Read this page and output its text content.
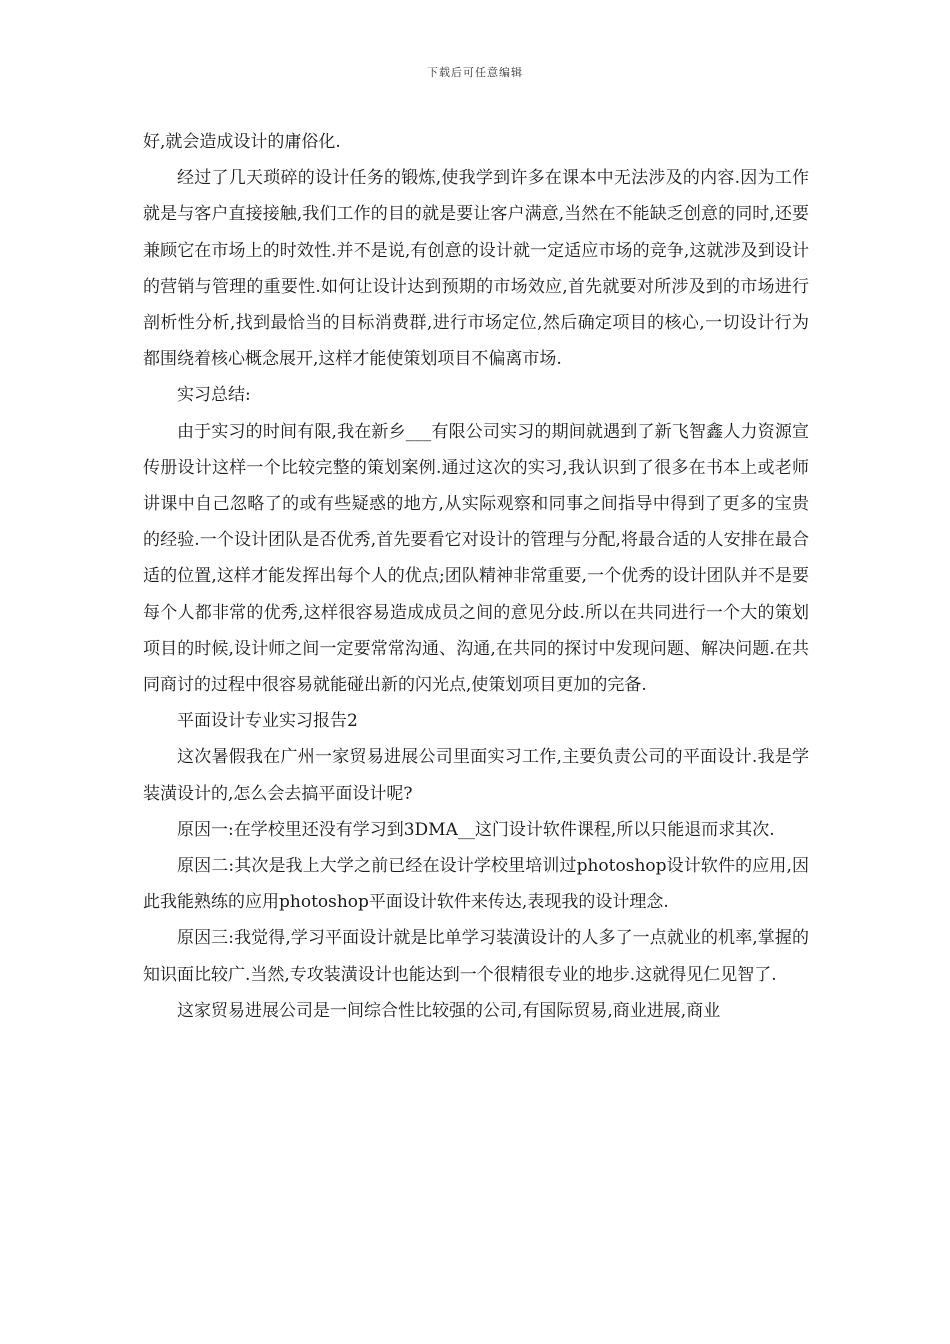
下载后可任意编辑

好,就会造成设计的庸俗化.

经过了几天琐碎的设计任务的锻炼,使我学到许多在课本中无法涉及的内容.因为工作就是与客户直接接触,我们工作的目的就是要让客户满意,当然在不能缺乏创意的同时,还要兼顾它在市场上的时效性.并不是说,有创意的设计就一定适应市场的竞争,这就涉及到设计的营销与管理的重要性.如何让设计达到预期的市场效应,首先就要对所涉及到的市场进行剖析性分析,找到最恰当的目标消费群,进行市场定位,然后确定项目的核心,一切设计行为都围绕着核心概念展开,这样才能使策划项目不偏离市场.

实习总结:

由于实习的时间有限,我在新乡___有限公司实习的期间就遇到了新飞智鑫人力资源宣传册设计这样一个比较完整的策划案例.通过这次的实习,我认识到了很多在书本上或老师讲课中自己忽略了的或有些疑惑的地方,从实际观察和同事之间指导中得到了更多的宝贵的经验.一个设计团队是否优秀,首先要看它对设计的管理与分配,将最合适的人安排在最合适的位置,这样才能发挥出每个人的优点;团队精神非常重要,一个优秀的设计团队并不是要每个人都非常的优秀,这样很容易造成成员之间的意见分歧.所以在共同进行一个大的策划项目的时候,设计师之间一定要常常沟通、沟通,在共同的探讨中发现问题、解决问题.在共同商讨的过程中很容易就能碰出新的闪光点,使策划项目更加的完备.

平面设计专业实习报告2

这次暑假我在广州一家贸易进展公司里面实习工作,主要负责公司的平面设计.我是学装潢设计的,怎么会去搞平面设计呢?

原因一:在学校里还没有学习到3DMA__这门设计软件课程,所以只能退而求其次.

原因二:其次是我上大学之前已经在设计学校里培训过photoshop设计软件的应用,因此我能熟练的应用photoshop平面设计软件来传达,表现我的设计理念.

原因三:我觉得,学习平面设计就是比单学习装潢设计的人多了一点就业的机率,掌握的知识面比较广.当然,专攻装潢设计也能达到一个很精很专业的地步.这就得见仁见智了.

这家贸易进展公司是一间综合性比较强的公司,有国际贸易,商业进展,商业
